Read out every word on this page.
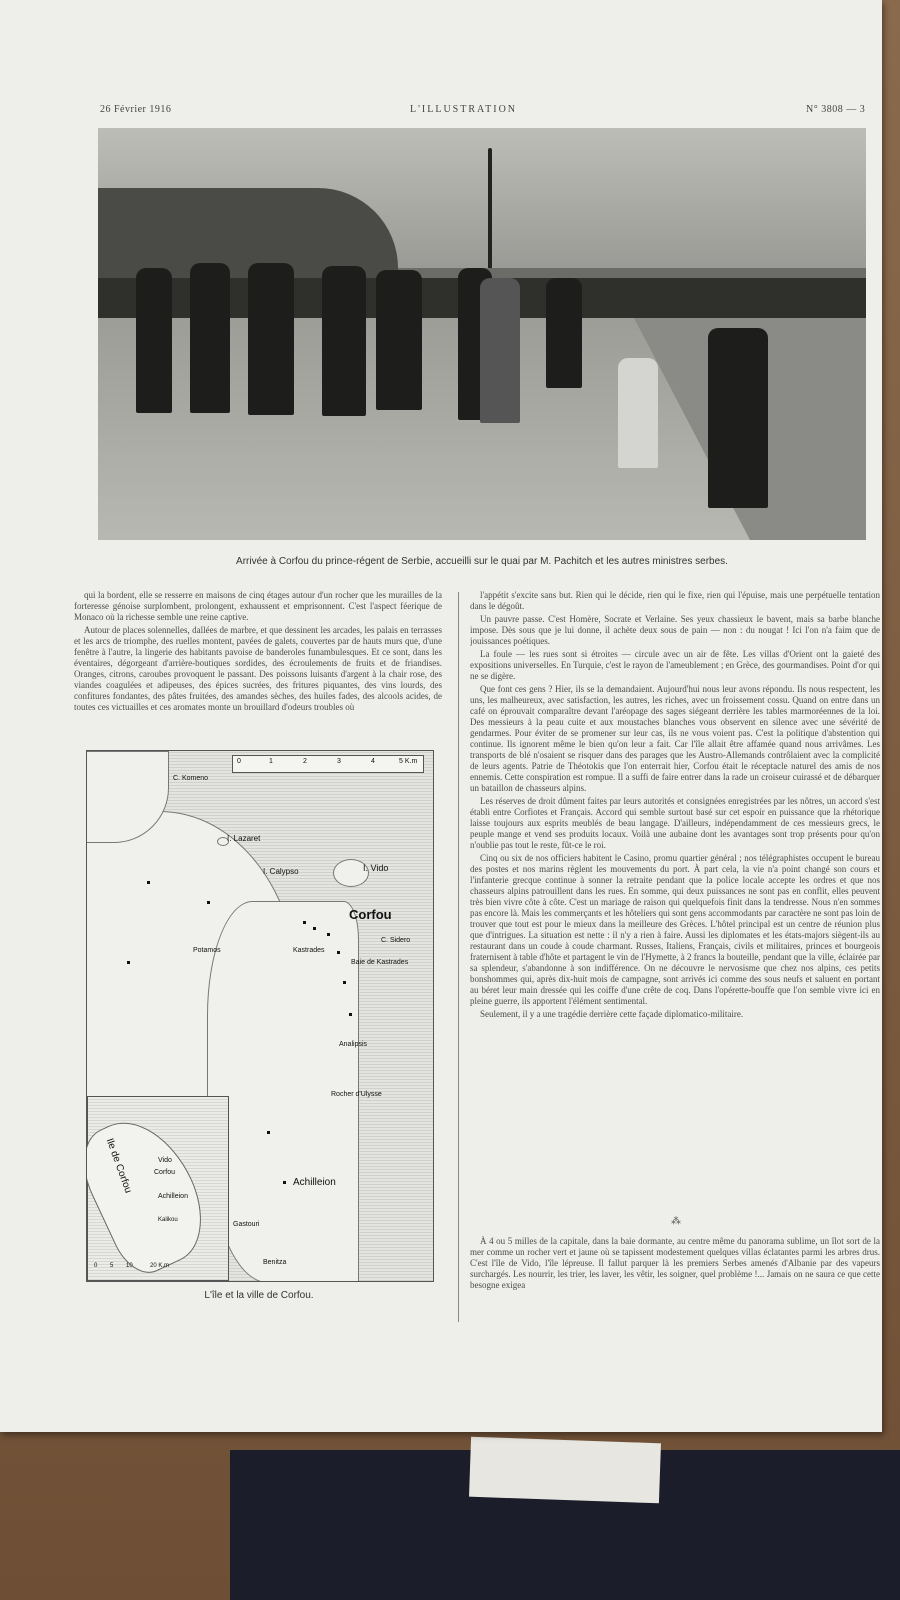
26 Février 1916	L'ILLUSTRATION	N° 3808 — 3
Arrivée à Corfou du prince-régent de Serbie, accueilli sur le quai par M. Pachitch et les autres ministres serbes.

qui la bordent, elle se resserre en maisons de cinq étages autour d'un rocher que les murailles de la forteresse génoise surplombent, prolongent, exhaussent et emprisonnent. C'est l'aspect féerique de Monaco où la richesse semble une reine captive.

Autour de places solennelles, dallées de marbre, et que dessinent les arcades, les palais en terrasses et les arcs de triomphe, des ruelles montent, pavées de galets, couvertes par de hauts murs que, d'une fenêtre à l'autre, la lingerie des habitants pavoise de banderoles funambulesques. Et ce sont, dans les éventaires, dégorgeant d'arrière-boutiques sordides, des écroulements de fruits et de friandises. Oranges, citrons, caroubes provoquent le passant. Des poissons luisants d'argent à la chair rose, des viandes coagulées et adipeuses, des épices sucrées, des fritures piquantes, des vins lourds, des confitures fondantes, des pâtes fruitées, des amandes sèches, des huiles fades, des alcools acides, de toutes ces victuailles et ces aromates monte un brouillard d'odeurs troubles où

l'appétit s'excite sans but. Rien qui le décide, rien qui le fixe, rien qui l'épuise, mais une perpétuelle tentation dans le dégoût.

Un pauvre passe. C'est Homère, Socrate et Verlaine. Ses yeux chassieux le bavent, mais sa barbe blanche impose. Dès sous que je lui donne, il achète deux sous de pain — non : du nougat ! Ici l'on n'a faim que de jouissances poétiques.

La foule — les rues sont si étroites — circule avec un air de fête. Les villas d'Orient ont la gaieté des expositions universelles. En Turquie, c'est le rayon de l'ameublement ; en Grèce, des gourmandises. Point d'or qui ne se digère.

Que font ces gens ? Hier, ils se la demandaient. Aujourd'hui nous leur avons répondu. Ils nous respectent, les uns, les malheureux, avec satisfaction, les autres, les riches, avec un froissement cossu. Quand on entre dans un café on éprouvait comparaître devant l'aréopage des sages siégeant derrière les tables marmoréennes de la loi. Des messieurs à la peau cuite et aux moustaches blanches vous observent en silence avec une sévérité de gendarmes. Pour éviter de se promener sur leur cas, ils ne vous voient pas. C'est la politique d'abstention qui continue. Ils ignorent même le bien qu'on leur a fait. Car l'île allait être affamée quand nous arrivâmes. Les transports de blé n'osaient se risquer dans des parages que les Austro-Allemands contrôlaient avec la complicité de leurs agents. Patrie de Théotokis que l'on enterrait hier, Corfou était le réceptacle naturel des amis de nos ennemis. Cette conspiration est rompue. Il a suffi de faire entrer dans la rade un croiseur cuirassé et de débarquer un bataillon de chasseurs alpins.

Les réserves de droit dûment faites par leurs autorités et consignées enregistrées par les nôtres, un accord s'est établi entre Corfiotes et Français. Accord qui semble surtout basé sur cet espoir en puissance que la rhétorique laisse toujours aux esprits meublés de beau langage. D'ailleurs, indépendamment de ces messieurs grecs, le peuple mange et vend ses produits locaux. Voilà une aubaine dont les avantages sont trop présents pour qu'on n'oublie pas tout le reste, fût-ce le roi.

Cinq ou six de nos officiers habitent le Casino, promu quartier général ; nos télégraphistes occupent le bureau des postes et nos marins règlent les mouvements du port. À part cela, la vie n'a point changé son cours et l'infanterie grecque continue à sonner la retraite pendant que la police locale accepte les ordres et que nos chasseurs alpins patrouillent dans les rues. En somme, qui deux puissances ne sont pas en conflit, elles peuvent très bien vivre côte à côte. C'est un mariage de raison qui quelquefois finit dans la tendresse. Nous n'en sommes pas encore là. Mais les commerçants et les hôteliers qui sont gens accommodants par caractère ne sont pas loin de trouver que tout est pour le mieux dans la meilleure des Grèces. L'hôtel principal est un centre de réunion plus que d'intrigues. La situation est nette : il n'y a rien à faire. Aussi les diplomates et les états-majors siègent-ils au restaurant dans un coude à coude charmant. Russes, Italiens, Français, civils et militaires, princes et bourgeois fraternisent à table d'hôte et partagent le vin de l'Hymette, à 2 francs la bouteille, pendant que la ville, éclairée par sa splendeur, s'abandonne à son indifférence. On ne découvre le nervosisme que chez nos alpins, ces petits bonshommes qui, après dix-huit mois de campagne, sont arrivés ici comme des sous neufs et saluent en portant au béret leur main dressée qui les coiffe d'une crête de coq. Dans l'opérette-bouffe que l'on semble vivre ici en pleine guerre, ils apportent l'élément sentimental.

Seulement, il y a une tragédie derrière cette façade diplomatico-militaire.

⁂

À 4 ou 5 milles de la capitale, dans la baie dormante, au centre même du panorama sublime, un îlot sort de la mer comme un rocher vert et jaune où se tapissent modestement quelques villas éclatantes parmi les arbres drus. C'est l'île de Vido, l'île lépreuse. Il fallut parquer là les premiers Serbes amenés d'Albanie par des vapeurs surchargés. Les nourrir, les trier, les laver, les vêtir, les soigner, quel problème !... Jamais on ne saura ce que cette besogne exigea

0	1	2	3	4	5 K.m
C. Komeno
I. Lazaret
I. Calypso	I. Vido
Corfou
C. Sidero
Potamos	Kastrades
Baie de Kastrades
Analipsis
Rocher d'Ulysse
Achilleion
Gastouri
Benitza
Ile de Corfou	Vido
Corfou
Achilleion
Kalikou
0 5 10	20 K.m
L'île et la ville de Corfou.
